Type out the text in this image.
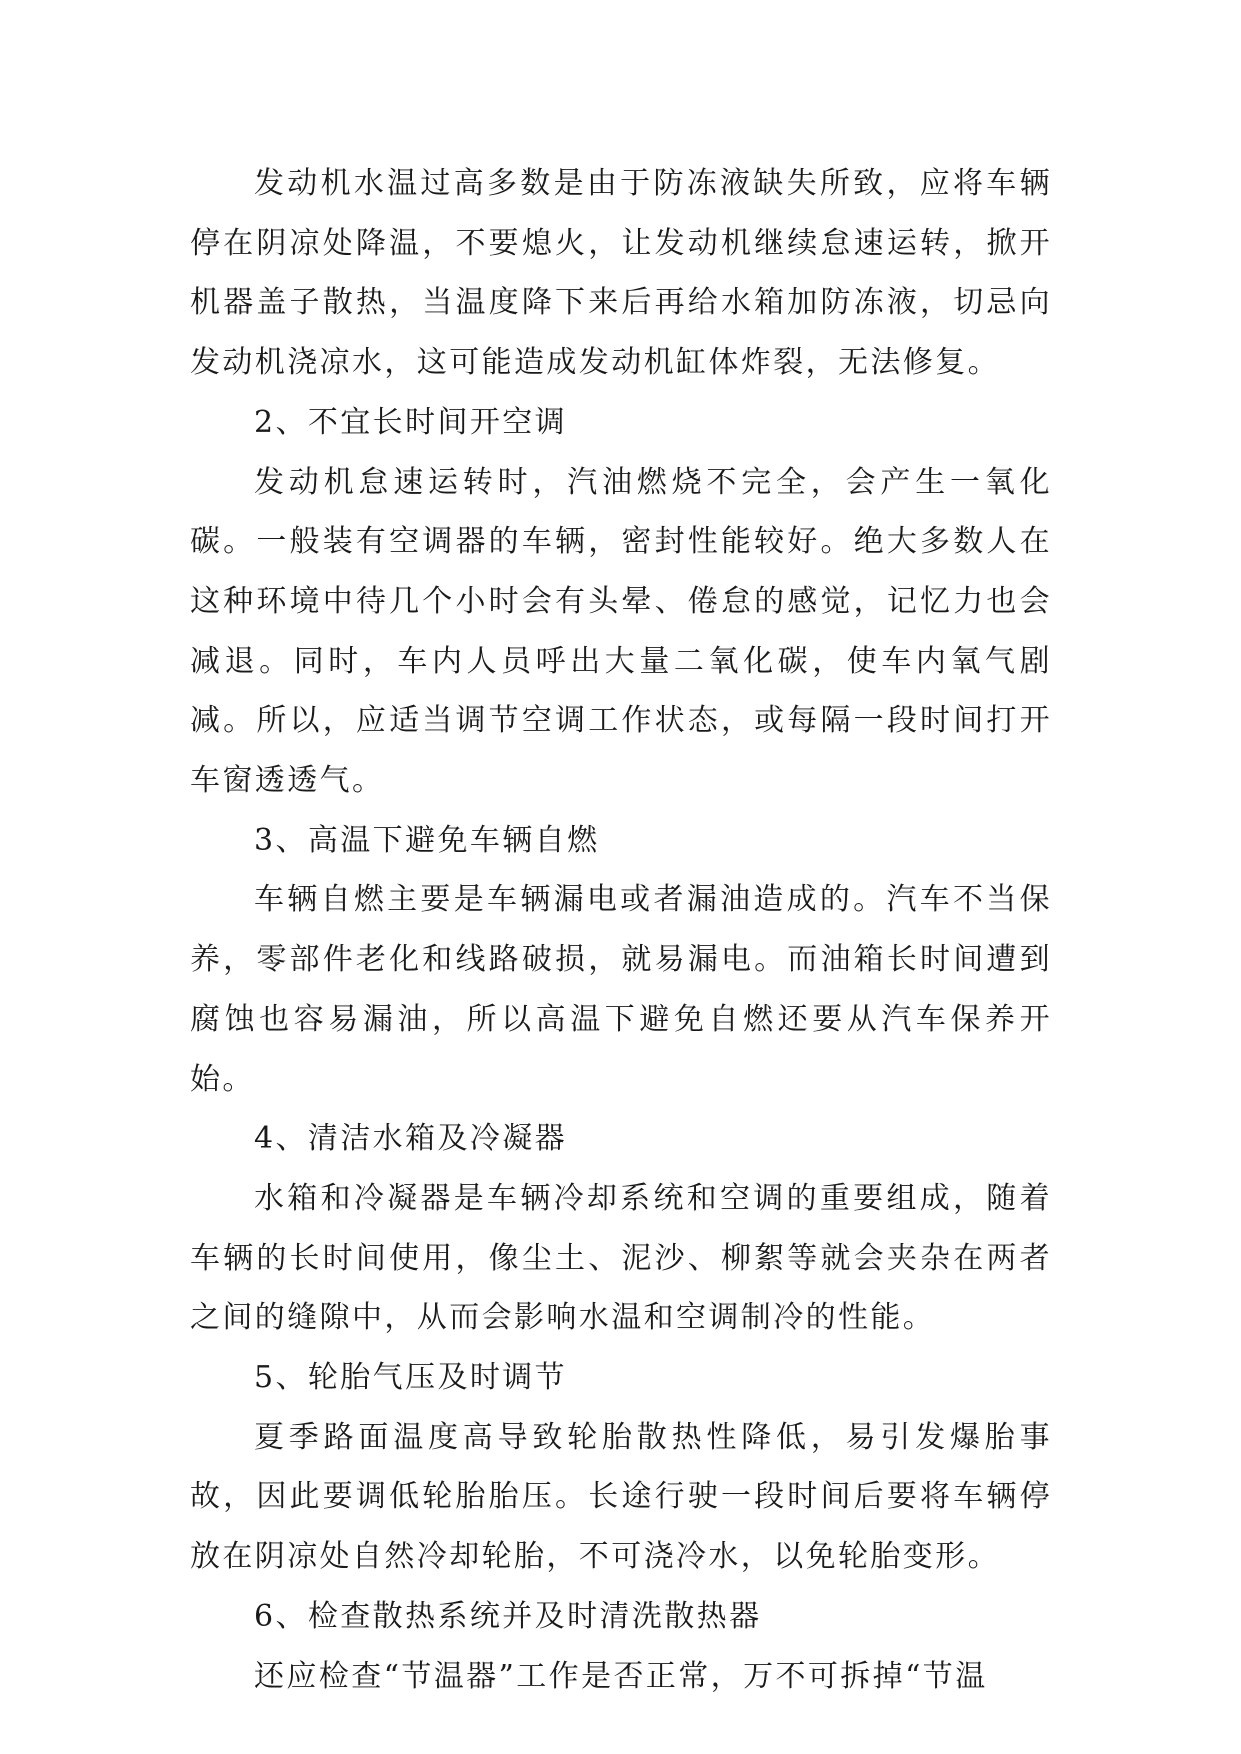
发动机水温过高多数是由于防冻液缺失所致，应将车辆停在阴凉处降温，不要熄火，让发动机继续怠速运转，掀开机器盖子散热，当温度降下来后再给水箱加防冻液，切忌向发动机浇凉水，这可能造成发动机缸体炸裂，无法修复。

2、不宜长时间开空调

发动机怠速运转时，汽油燃烧不完全，会产生一氧化碳。一般装有空调器的车辆，密封性能较好。绝大多数人在这种环境中待几个小时会有头晕、倦怠的感觉，记忆力也会减退。同时，车内人员呼出大量二氧化碳，使车内氧气剧减。所以，应适当调节空调工作状态，或每隔一段时间打开车窗透透气。

3、高温下避免车辆自燃

车辆自燃主要是车辆漏电或者漏油造成的。汽车不当保养，零部件老化和线路破损，就易漏电。而油箱长时间遭到腐蚀也容易漏油，所以高温下避免自燃还要从汽车保养开始。

4、清洁水箱及冷凝器

水箱和冷凝器是车辆冷却系统和空调的重要组成，随着车辆的长时间使用，像尘土、泥沙、柳絮等就会夹杂在两者之间的缝隙中，从而会影响水温和空调制冷的性能。

5、轮胎气压及时调节

夏季路面温度高导致轮胎散热性降低，易引发爆胎事故，因此要调低轮胎胎压。长途行驶一段时间后要将车辆停放在阴凉处自然冷却轮胎，不可浇冷水，以免轮胎变形。

6、检查散热系统并及时清洗散热器

还应检查“节温器”工作是否正常，万不可拆掉“节温
